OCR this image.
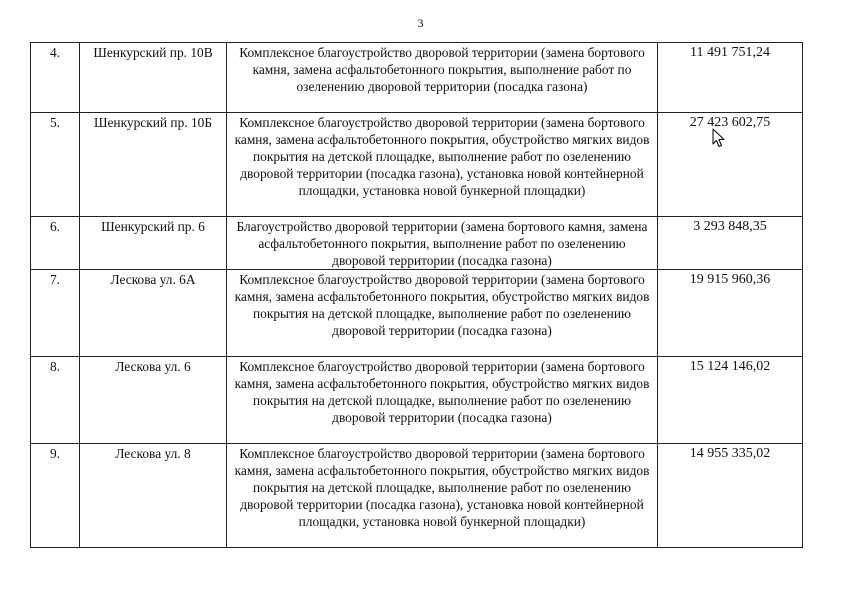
3
4.	Шенкурский пр. 10В	Комплексное благоустройство дворовой территории (замена бортового камня, замена асфальтобетонного покрытия, выполнение работ по озеленению дворовой территории (посадка газона)	11 491 751,24
5.	Шенкурский пр. 10Б	Комплексное благоустройство дворовой территории (замена бортового камня, замена асфальтобетонного покрытия, обустройство мягких видов покрытия на детской площадке, выполнение работ по озеленению дворовой территории (посадка газона), установка новой контейнерной площадки, установка новой бункерной площадки)	27 423 602,75
6.	Шенкурский пр. 6	Благоустройство дворовой территории (замена бортового камня, замена асфальтобетонного покрытия, выполнение работ по озеленению дворовой территории (посадка газона)	3 293 848,35
7.	Лескова ул. 6А	Комплексное благоустройство дворовой территории (замена бортового камня, замена асфальтобетонного покрытия, обустройство мягких видов покрытия на детской площадке, выполнение работ по озеленению дворовой территории (посадка газона)	19 915 960,36
8.	Лескова ул. 6	Комплексное благоустройство дворовой территории (замена бортового камня, замена асфальтобетонного покрытия, обустройство мягких видов покрытия на детской площадке, выполнение работ по озеленению дворовой территории (посадка газона)	15 124 146,02
9.	Лескова ул. 8	Комплексное благоустройство дворовой территории (замена бортового камня, замена асфальтобетонного покрытия, обустройство мягких видов покрытия на детской площадке, выполнение работ по озеленению дворовой территории (посадка газона), установка новой контейнерной площадки, установка новой бункерной площадки)	14 955 335,02
